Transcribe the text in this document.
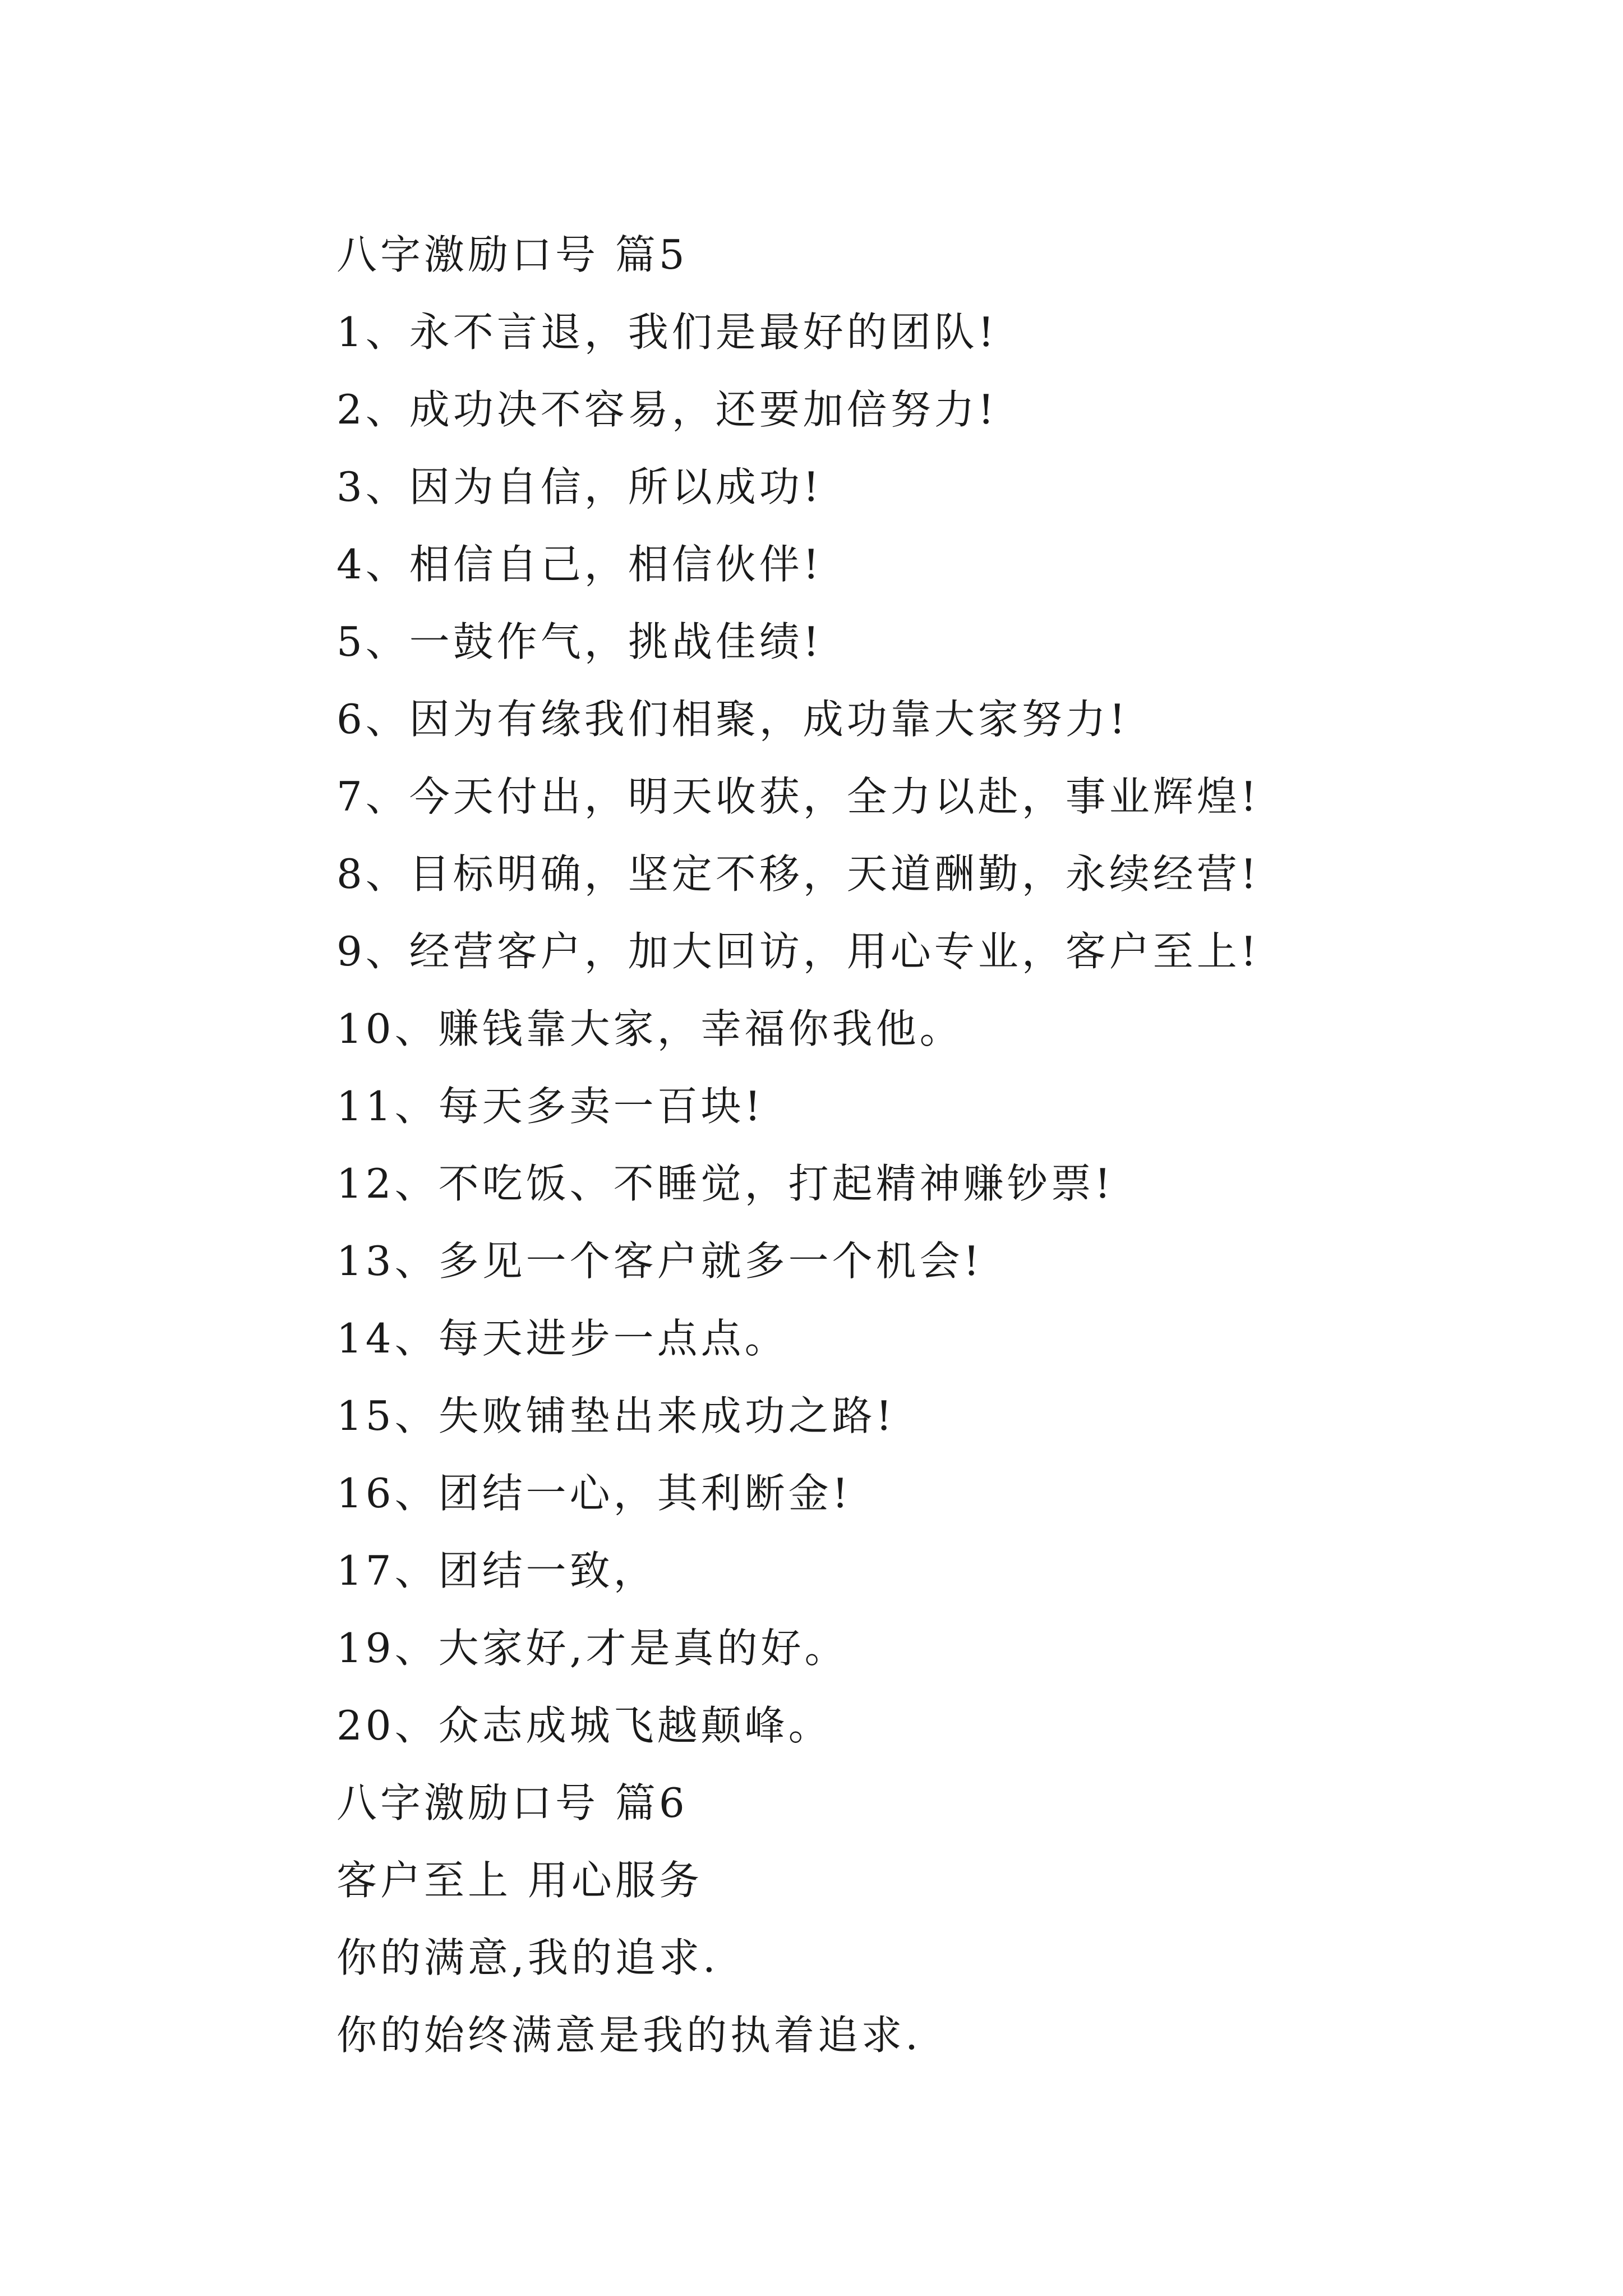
八字激励口号 篇5
1、永不言退，我们是最好的团队!
2、成功决不容易，还要加倍努力!
3、因为自信，所以成功!
4、相信自己，相信伙伴!
5、一鼓作气，挑战佳绩!
6、因为有缘我们相聚，成功靠大家努力!
7、今天付出，明天收获，全力以赴，事业辉煌!
8、目标明确，坚定不移，天道酬勤，永续经营!
9、经营客户，加大回访，用心专业，客户至上!
10、赚钱靠大家，幸福你我他。
11、每天多卖一百块!
12、不吃饭、不睡觉，打起精神赚钞票!
13、多见一个客户就多一个机会!
14、每天进步一点点。
15、失败铺垫出来成功之路!
16、团结一心，其利断金!
17、团结一致，
19、大家好,才是真的好。
20、众志成城飞越颠峰。
八字激励口号 篇6
客户至上 用心服务
你的满意,我的追求.
你的始终满意是我的执着追求.
